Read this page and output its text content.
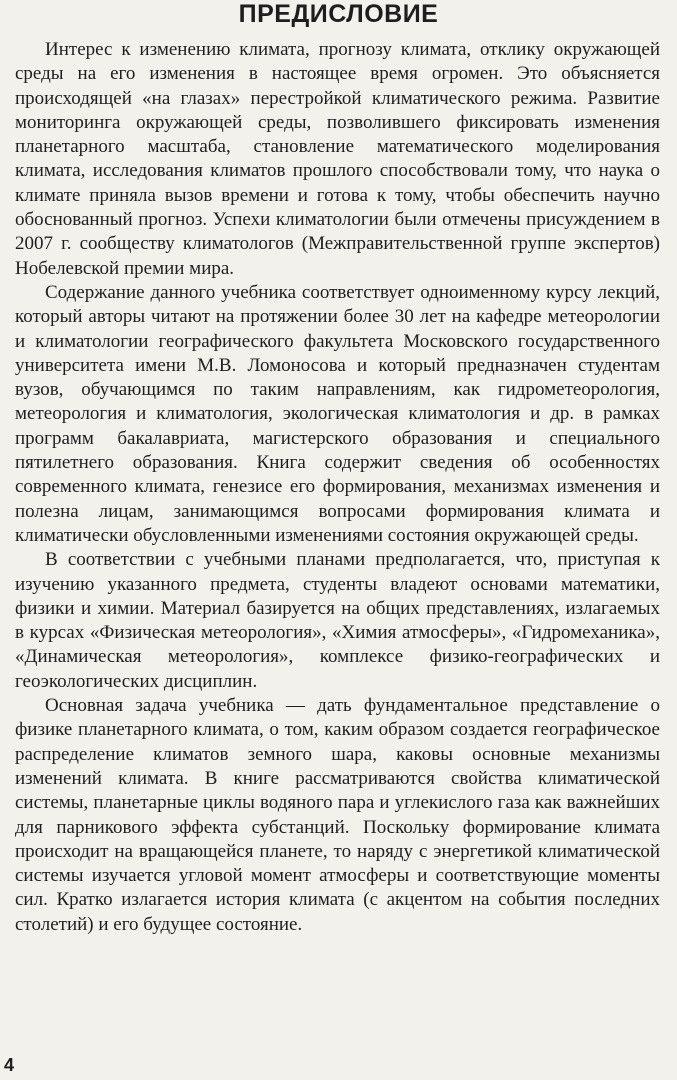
ПРЕДИСЛОВИЕ

Интерес к изменению климата, прогнозу климата, отклику окружающей среды на его изменения в настоящее время огромен. Это объясняется происходящей «на глазах» перестройкой климатического режима. Развитие мониторинга окружающей среды, позволившего фиксировать изменения планетарного масштаба, становление математического моделирования климата, исследования климатов прошлого способствовали тому, что наука о климате приняла вызов времени и готова к тому, чтобы обеспечить научно обоснованный прогноз. Успехи климатологии были отмечены присуждением в 2007 г. сообществу климатологов (Межправительственной группе экспертов) Нобелевской премии мира.

Содержание данного учебника соответствует одноименному курсу лекций, который авторы читают на протяжении более 30 лет на кафедре метеорологии и климатологии географического факультета Московского государственного университета имени М.В. Ломоносова и который предназначен студентам вузов, обучающимся по таким направлениям, как гидрометеорология, метеорология и климатология, экологическая климатология и др. в рамках программ бакалавриата, магистерского образования и специального пятилетнего образования. Книга содержит сведения об особенностях современного климата, генезисе его формирования, механизмах изменения и полезна лицам, занимающимся вопросами формирования климата и климатически обусловленными изменениями состояния окружающей среды.

В соответствии с учебными планами предполагается, что, приступая к изучению указанного предмета, студенты владеют основами математики, физики и химии. Материал базируется на общих представлениях, излагаемых в курсах «Физическая метеорология», «Химия атмосферы», «Гидромеханика», «Динамическая метеорология», комплексе физико-географических и геоэкологических дисциплин.

Основная задача учебника — дать фундаментальное представление о физике планетарного климата, о том, каким образом создается географическое распределение климатов земного шара, каковы основные механизмы изменений климата. В книге рассматриваются свойства климатической системы, планетарные циклы водяного пара и углекислого газа как важнейших для парникового эффекта субстанций. Поскольку формирование климата происходит на вращающейся планете, то наряду с энергетикой климатической системы изучается угловой момент атмосферы и соответствующие моменты сил. Кратко излагается история климата (с акцентом на события последних столетий) и его будущее состояние.

4
